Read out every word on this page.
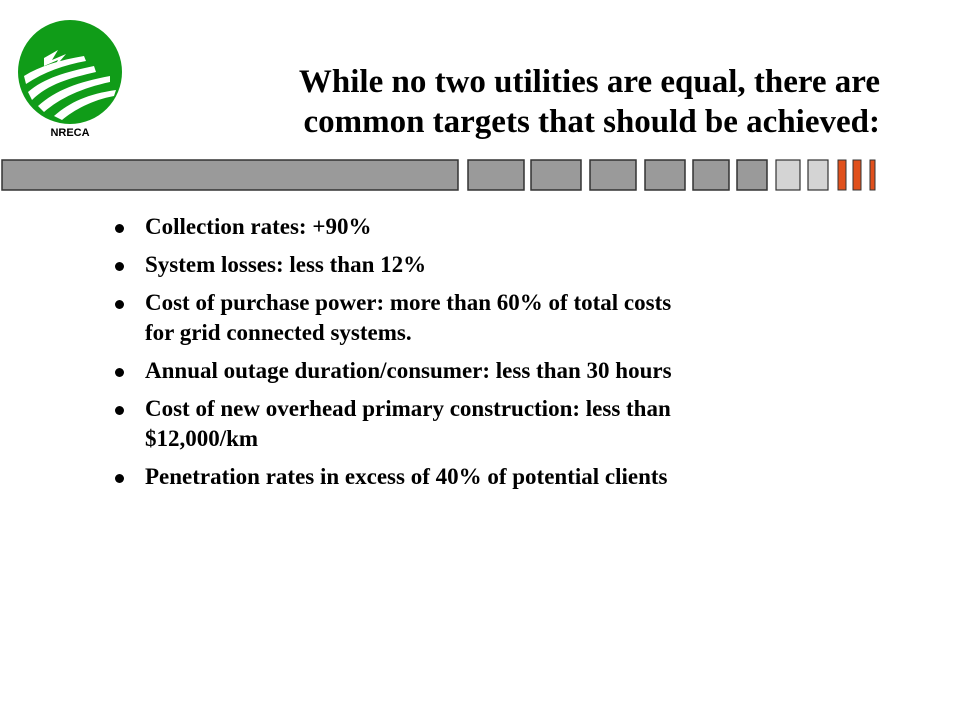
NRECA
While no two utilities are equal, there are
common targets that should be achieved:
Collection rates: +90%
System losses: less than 12%
Cost of purchase power: more than 60% of total costs
for grid connected systems.
Annual outage duration/consumer: less than 30 hours
Cost of new overhead primary construction: less than
$12,000/km
Penetration rates in excess of 40% of potential clients
